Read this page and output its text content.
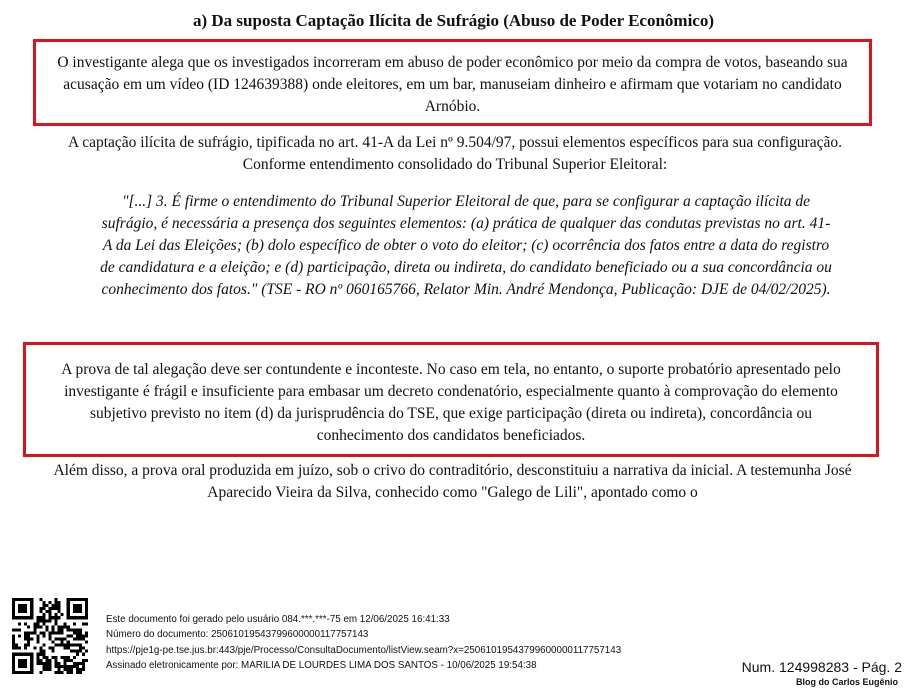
a) Da suposta Captação Ilícita de Sufrágio (Abuso de Poder Econômico)
O investigante alega que os investigados incorreram em abuso de poder econômico por meio da compra de votos, baseando sua acusação em um vídeo (ID 124639388) onde eleitores, em um bar, manuseiam dinheiro e afirmam que votariam no candidato Arnóbio.
A captação ilícita de sufrágio, tipificada no art. 41-A da Lei nº 9.504/97, possui elementos específicos para sua configuração. Conforme entendimento consolidado do Tribunal Superior Eleitoral:
"[...] 3. É firme o entendimento do Tribunal Superior Eleitoral de que, para se configurar a captação ilícita de sufrágio, é necessária a presença dos seguintes elementos: (a) prática de qualquer das condutas previstas no art. 41-A da Lei das Eleições; (b) dolo específico de obter o voto do eleitor; (c) ocorrência dos fatos entre a data do registro de candidatura e a eleição; e (d) participação, direta ou indireta, do candidato beneficiado ou a sua concordância ou conhecimento dos fatos." (TSE - RO nº 060165766, Relator Min. André Mendonça, Publicação: DJE de 04/02/2025).
A prova de tal alegação deve ser contundente e inconteste. No caso em tela, no entanto, o suporte probatório apresentado pelo investigante é frágil e insuficiente para embasar um decreto condenatório, especialmente quanto à comprovação do elemento subjetivo previsto no item (d) da jurisprudência do TSE, que exige participação (direta ou indireta), concordância ou conhecimento dos candidatos beneficiados.
Além disso, a prova oral produzida em juízo, sob o crivo do contraditório, desconstituiu a narrativa da inicial. A testemunha José Aparecido Vieira da Silva, conhecido como "Galego de Lili", apontado como o
Este documento foi gerado pelo usuário 084.***.***-75 em 12/06/2025 16:41:33
Número do documento: 25061019543799600000117757143
https://pje1g-pe.tse.jus.br:443/pje/Processo/ConsultaDocumento/listView.seam?x=25061019543799600000117757143
Assinado eletronicamente por: MARILIA DE LOURDES LIMA DOS SANTOS - 10/06/2025 19:54:38	Num. 124998283 - Pág. 2
Blog do Carlos Eugênio
